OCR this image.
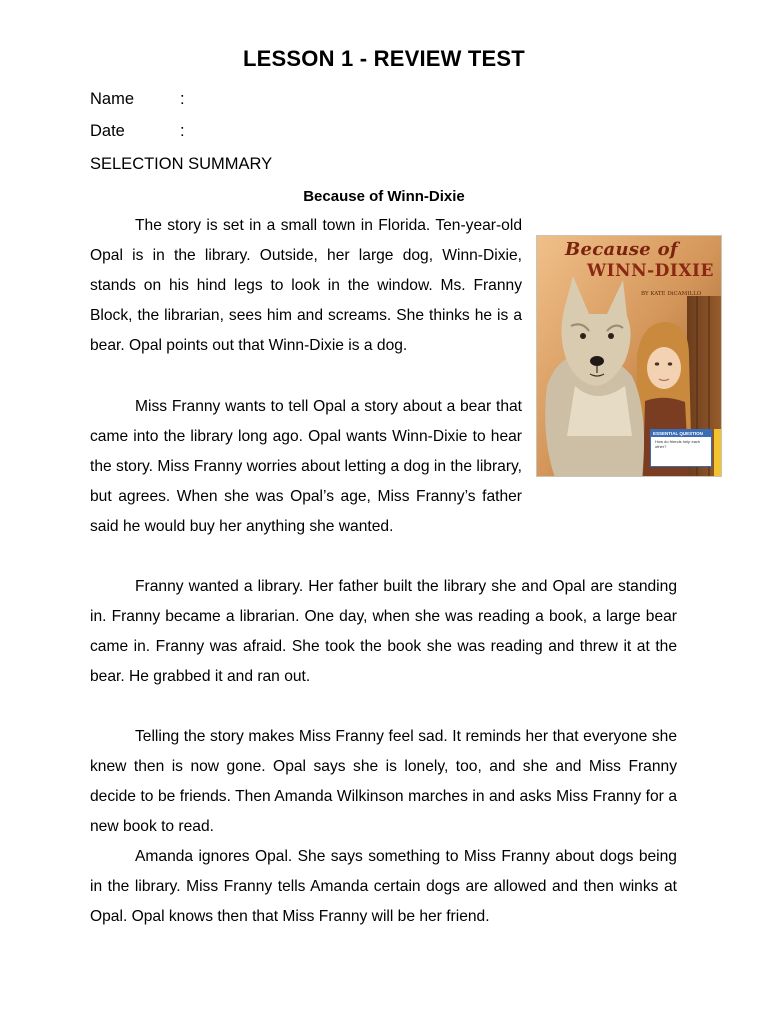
LESSON 1 - REVIEW TEST
Name	:
Date	:
SELECTION SUMMARY
Because of Winn-Dixie

The story is set in a small town in Florida. Ten-year-old Opal is in the library. Outside, her large dog, Winn-Dixie, stands on his hind legs to look in the window. Ms. Franny Block, the librarian, sees him and screams. She thinks he is a bear. Opal points out that Winn-Dixie is a dog.

Miss Franny wants to tell Opal a story about a bear that came into the library long ago. Opal wants Winn-Dixie to hear the story. Miss Franny worries about letting a dog in the library, but agrees. When she was Opal’s age, Miss Franny’s father said he would buy her anything she wanted.

Franny wanted a library. Her father built the library she and Opal are standing in. Franny became a librarian. One day, when she was reading a book, a large bear came in. Franny was afraid. She took the book she was reading and threw it at the bear. He grabbed it and ran out.

Telling the story makes Miss Franny feel sad. It reminds her that everyone she knew then is now gone. Opal says she is lonely, too, and she and Miss Franny decide to be friends. Then Amanda Wilkinson marches in and asks Miss Franny for a new book to read.

Amanda ignores Opal. She says something to Miss Franny about dogs being in the library. Miss Franny tells Amanda certain dogs are allowed and then winks at Opal. Opal knows then that Miss Franny will be her friend.

Because of
WINN-DIXIE
BY KATE DiCAMILLO
ESSENTIAL QUESTION
How do friends help each other?
